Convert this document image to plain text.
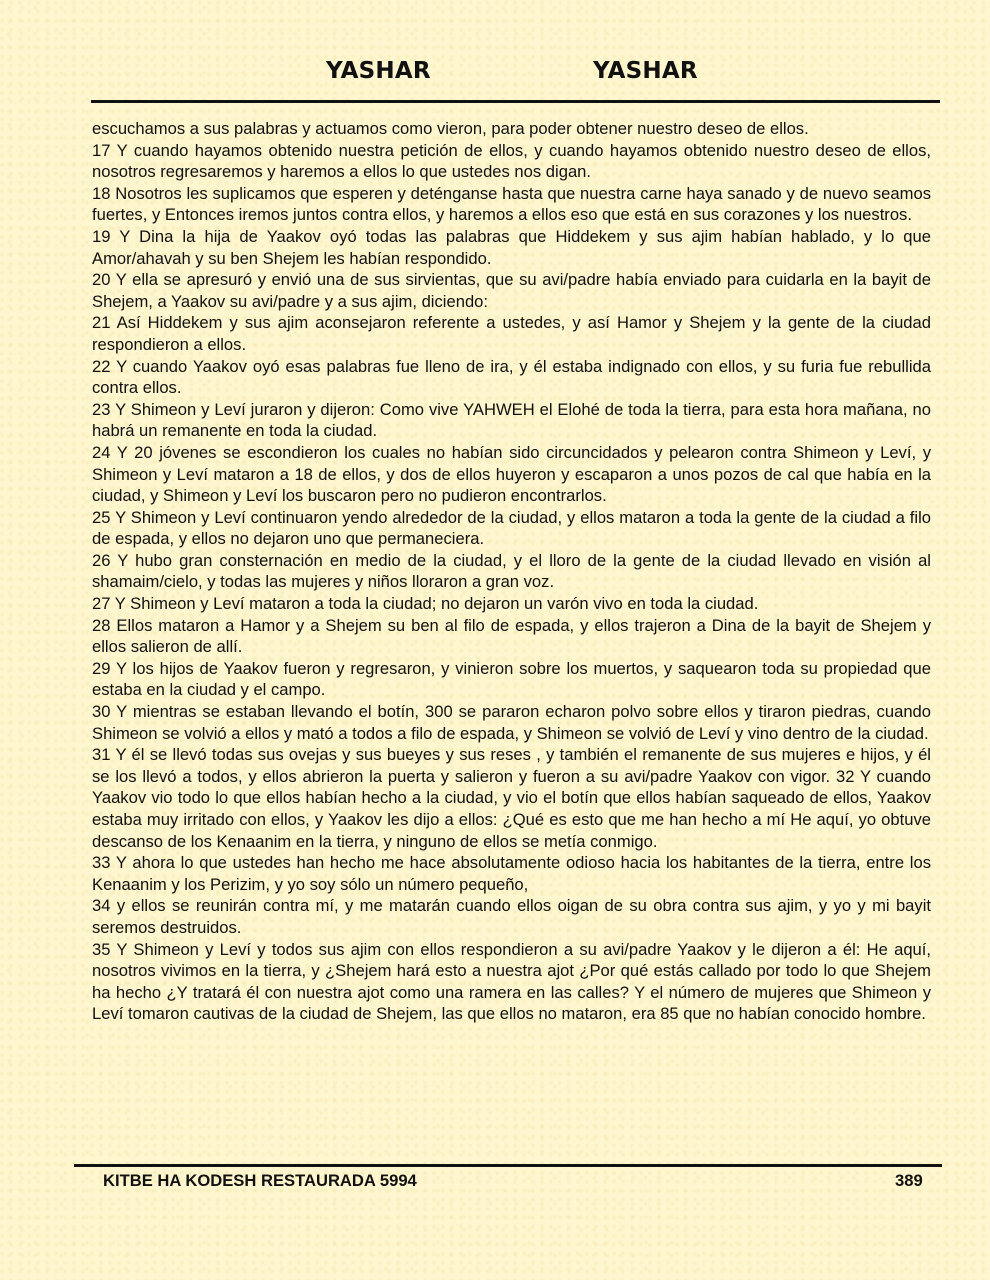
YASHAR	YASHAR

escuchamos a sus palabras y actuamos como vieron, para poder obtener nuestro deseo de ellos.

17 Y cuando hayamos obtenido nuestra petición de ellos, y cuando hayamos obtenido nuestro deseo de ellos, nosotros regresaremos y haremos a ellos lo que ustedes nos digan.

18 Nosotros les suplicamos que esperen y deténganse hasta que nuestra carne haya sanado y de nuevo seamos fuertes, y Entonces iremos juntos contra ellos, y haremos a ellos eso que está en sus corazones y los nuestros.

19 Y Dina la hija de Yaakov oyó todas las palabras que Hiddekem y sus ajim habían hablado, y lo que Amor/ahavah y su ben Shejem les habían respondido.

20 Y ella se apresuró y envió una de sus sirvientas, que su avi/padre había enviado para cuidarla en la bayit de Shejem, a Yaakov su avi/padre y a sus ajim, diciendo:

21 Así Hiddekem y sus ajim aconsejaron referente a ustedes, y así Hamor y Shejem y la gente de la ciudad respondieron a ellos.

22 Y cuando Yaakov oyó esas palabras fue lleno de ira, y él estaba indignado con ellos, y su furia fue rebullida contra ellos.

23 Y Shimeon y Leví juraron y dijeron: Como vive YAHWEH el Elohé de toda la tierra, para esta hora mañana, no habrá un remanente en toda la ciudad.

24 Y 20 jóvenes se escondieron los cuales no habían sido circuncidados y pelearon contra Shimeon y Leví, y Shimeon y Leví mataron a 18 de ellos, y dos de ellos huyeron y escaparon a unos pozos de cal que había en la ciudad, y Shimeon y Leví los buscaron pero no pudieron encontrarlos.

25 Y Shimeon y Leví continuaron yendo alrededor de la ciudad, y ellos mataron a toda la gente de la ciudad a filo de espada, y ellos no dejaron uno que permaneciera.

26 Y hubo gran consternación en medio de la ciudad, y el lloro de la gente de la ciudad llevado en visión al shamaim/cielo, y todas las mujeres y niños lloraron a gran voz.

27 Y Shimeon y Leví mataron a toda la ciudad; no dejaron un varón vivo en toda la ciudad.

28 Ellos mataron a Hamor y a Shejem su ben al filo de espada, y ellos trajeron a Dina de la bayit de Shejem y ellos salieron de allí.

29 Y los hijos de Yaakov fueron y regresaron, y vinieron sobre los muertos, y saquearon toda su propiedad que estaba en la ciudad y el campo.

30 Y mientras se estaban llevando el botín, 300 se pararon echaron polvo sobre ellos y tiraron piedras, cuando Shimeon se volvió a ellos y mató a todos a filo de espada, y Shimeon se volvió de Leví y vino dentro de la ciudad.

31 Y él se llevó todas sus ovejas y sus bueyes y sus reses , y también el remanente de sus mujeres e hijos, y él se los llevó a todos, y ellos abrieron la puerta y salieron y fueron a su avi/padre Yaakov con vigor. 32 Y cuando Yaakov vio todo lo que ellos habían hecho a la ciudad, y vio el botín que ellos habían saqueado de ellos, Yaakov estaba muy irritado con ellos, y Yaakov les dijo a ellos: ¿Qué es esto que me han hecho a mí He aquí, yo obtuve descanso de los Kenaanim en la tierra, y ninguno de ellos se metía conmigo.

33 Y ahora lo que ustedes han hecho me hace absolutamente odioso hacia los habitantes de la tierra, entre los Kenaanim y los Perizim, y yo soy sólo un número pequeño,

34 y ellos se reunirán contra mí, y me matarán cuando ellos oigan de su obra contra sus ajim, y yo y mi bayit seremos destruidos.

35 Y Shimeon y Leví y todos sus ajim con ellos respondieron a su avi/padre Yaakov y le dijeron a él: He aquí, nosotros vivimos en la tierra, y ¿Shejem hará esto a nuestra ajot ¿Por qué estás callado por todo lo que Shejem ha hecho ¿Y tratará él con nuestra ajot como una ramera en las calles? Y el número de mujeres que Shimeon y Leví tomaron cautivas de la ciudad de Shejem, las que ellos no mataron, era 85 que no habían conocido hombre.

KITBE HA KODESH RESTAURADA 5994	389
